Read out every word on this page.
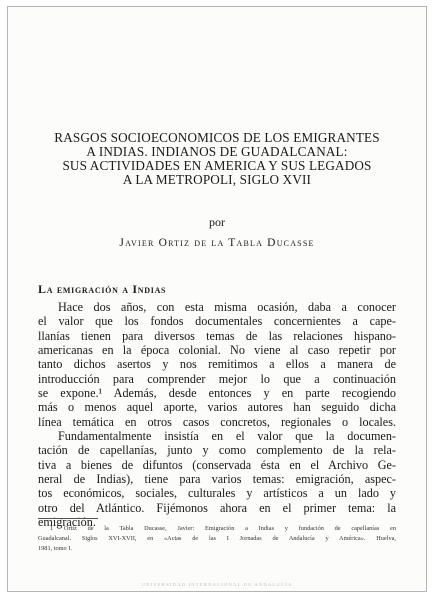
RASGOS SOCIOECONOMICOS DE LOS EMIGRANTES
A INDIAS. INDIANOS DE GUADALCANAL:
SUS ACTIVIDADES EN AMERICA Y SUS LEGADOS
A LA METROPOLI, SIGLO XVII

por

Javier Ortiz de la Tabla Ducasse

La emigración a Indias

Hace dos años, con esta misma ocasión, daba a conocer
el valor que los fondos documentales concernientes a cape-
llanías tienen para diversos temas de las relaciones hispano-
americanas en la época colonial. No viene al caso repetir por
tanto dichos asertos y nos remitimos a ellos a manera de
introducción para comprender mejor lo que a continuación
se expone.¹ Además, desde entonces y en parte recogiendo
más o menos aquel aporte, varios autores han seguido dicha
línea temática en otros casos concretos, regionales o locales.

Fundamentalmente insistía en el valor que la documen-
tación de capellanías, junto y como complemento de la rela-
tiva a bienes de difuntos (conservada ésta en el Archivo Ge-
neral de Indias), tiene para varios temas: emigración, aspec-
tos económicos, sociales, culturales y artísticos a un lado y
otro del Atlántico. Fijémonos ahora en el primer tema: la
emigración.

1 Ortiz de la Tabla Ducasse, Javier: Emigración a Indias y fundación de capellanías en
Guadalcanal. Siglos XVI-XVII, en «Actas de las I Jornadas de Andalucía y América». Huelva,
1981, tomo I.
UNIVERSIDAD INTERNACIONAL DE ANDALUCÍA
